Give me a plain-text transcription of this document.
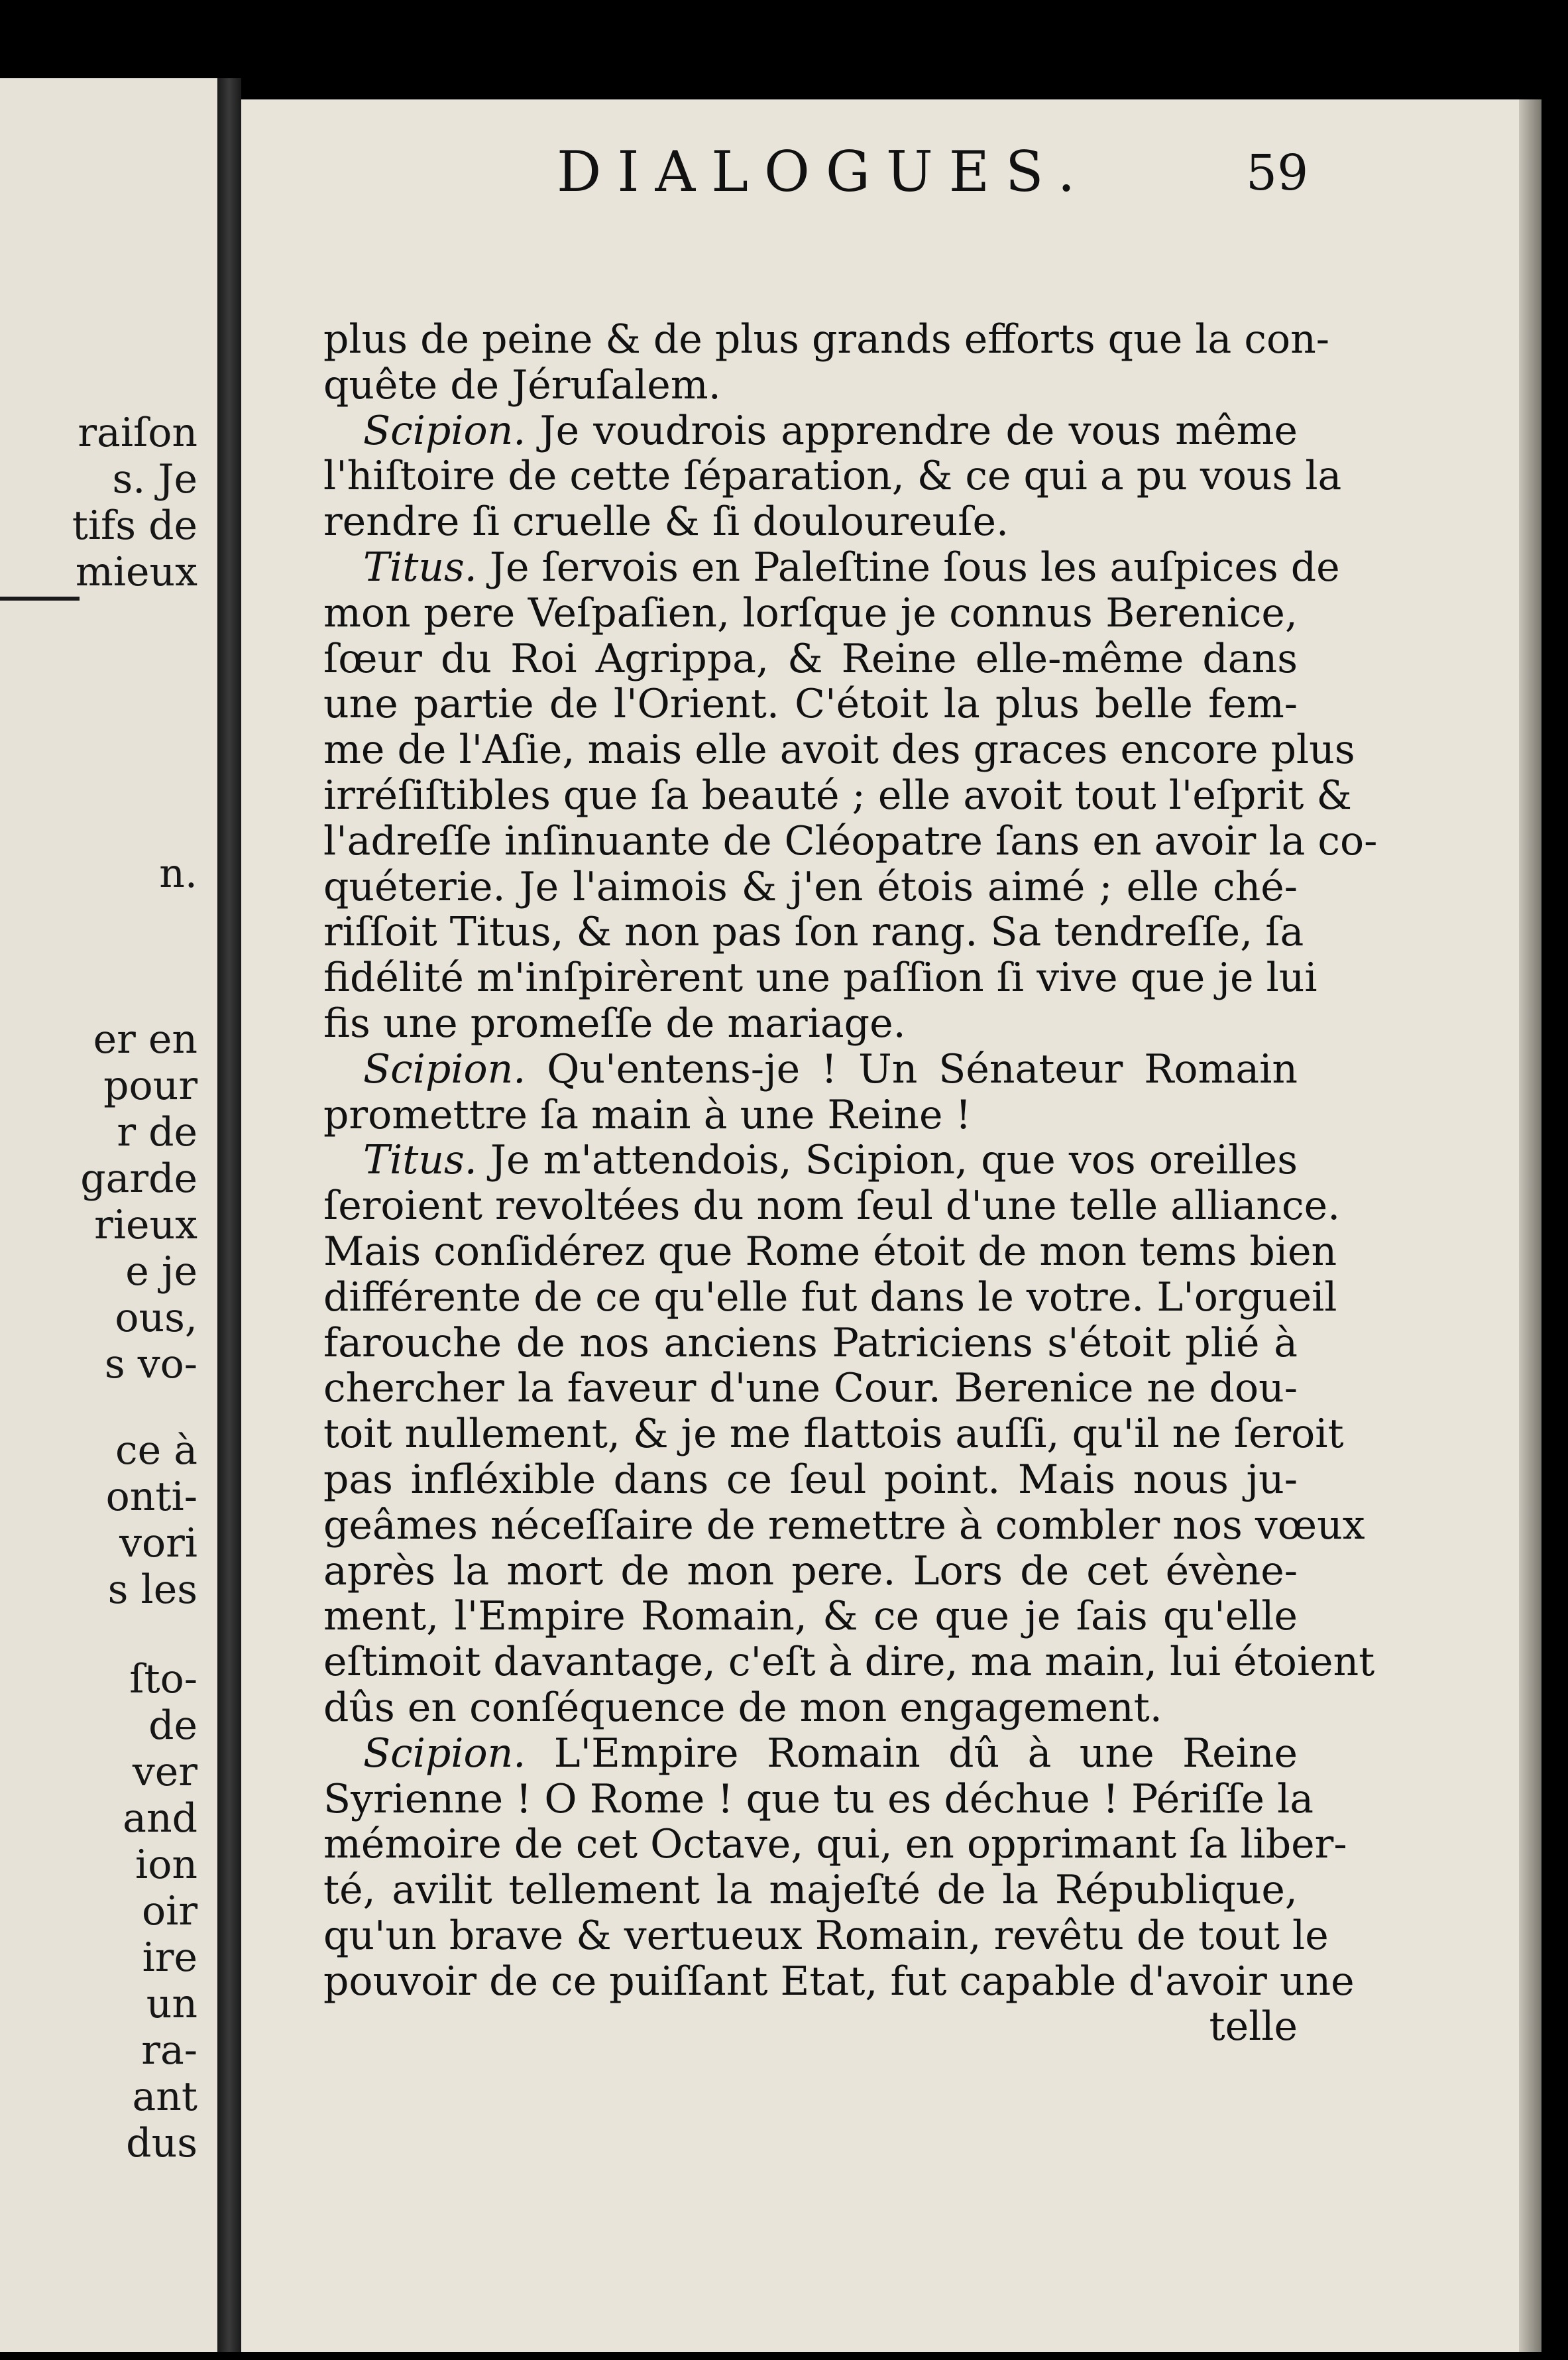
raiſon
s. Je
tifs de
mieux
n.
er en
pour
r de
garde
rieux
e je
ous,
s vo-
ce à
onti-
vori
s les
ſto-
de
ver
and
ion
oir
ire
un
ra-
ant
dus
DIALOGUES.	59
plus de peine & de plus grands efforts que la con-
quête de Jéruſalem.
Scipion. Je voudrois apprendre de vous même
l'hiſtoire de cette ſéparation, & ce qui a pu vous la
rendre ſi cruelle & ſi douloureuſe.
Titus. Je ſervois en Paleſtine ſous les auſpices de
mon pere Veſpaſien, lorſque je connus Berenice,
ſœur du Roi Agrippa, & Reine elle-même dans
une partie de l'Orient. C'étoit la plus belle fem-
me de l'Aſie, mais elle avoit des graces encore plus
irréſiſtibles que ſa beauté ; elle avoit tout l'eſprit &
l'adreſſe inſinuante de Cléopatre ſans en avoir la co-
quéterie. Je l'aimois & j'en étois aimé ; elle ché-
riſſoit Titus, & non pas ſon rang. Sa tendreſſe, ſa
fidélité m'inſpirèrent une paſſion ſi vive que je lui
fis une promeſſe de mariage.
Scipion. Qu'entens-je ! Un Sénateur Romain
promettre ſa main à une Reine !
Titus. Je m'attendois, Scipion, que vos oreilles
ſeroient revoltées du nom ſeul d'une telle alliance.
Mais conſidérez que Rome étoit de mon tems bien
différente de ce qu'elle fut dans le votre. L'orgueil
farouche de nos anciens Patriciens s'étoit plié à
chercher la faveur d'une Cour. Berenice ne dou-
toit nullement, & je me flattois auſſi, qu'il ne ſeroit
pas infléxible dans ce ſeul point. Mais nous ju-
geâmes néceſſaire de remettre à combler nos vœux
après la mort de mon pere. Lors de cet évène-
ment, l'Empire Romain, & ce que je ſais qu'elle
eſtimoit davantage, c'eſt à dire, ma main, lui étoient
dûs en conſéquence de mon engagement.
Scipion. L'Empire Romain dû à une Reine
Syrienne ! O Rome ! que tu es déchue ! Périſſe la
mémoire de cet Octave, qui, en opprimant ſa liber-
té, avilit tellement la majeſté de la République,
qu'un brave & vertueux Romain, revêtu de tout le
pouvoir de ce puiſſant Etat, fut capable d'avoir une
telle
